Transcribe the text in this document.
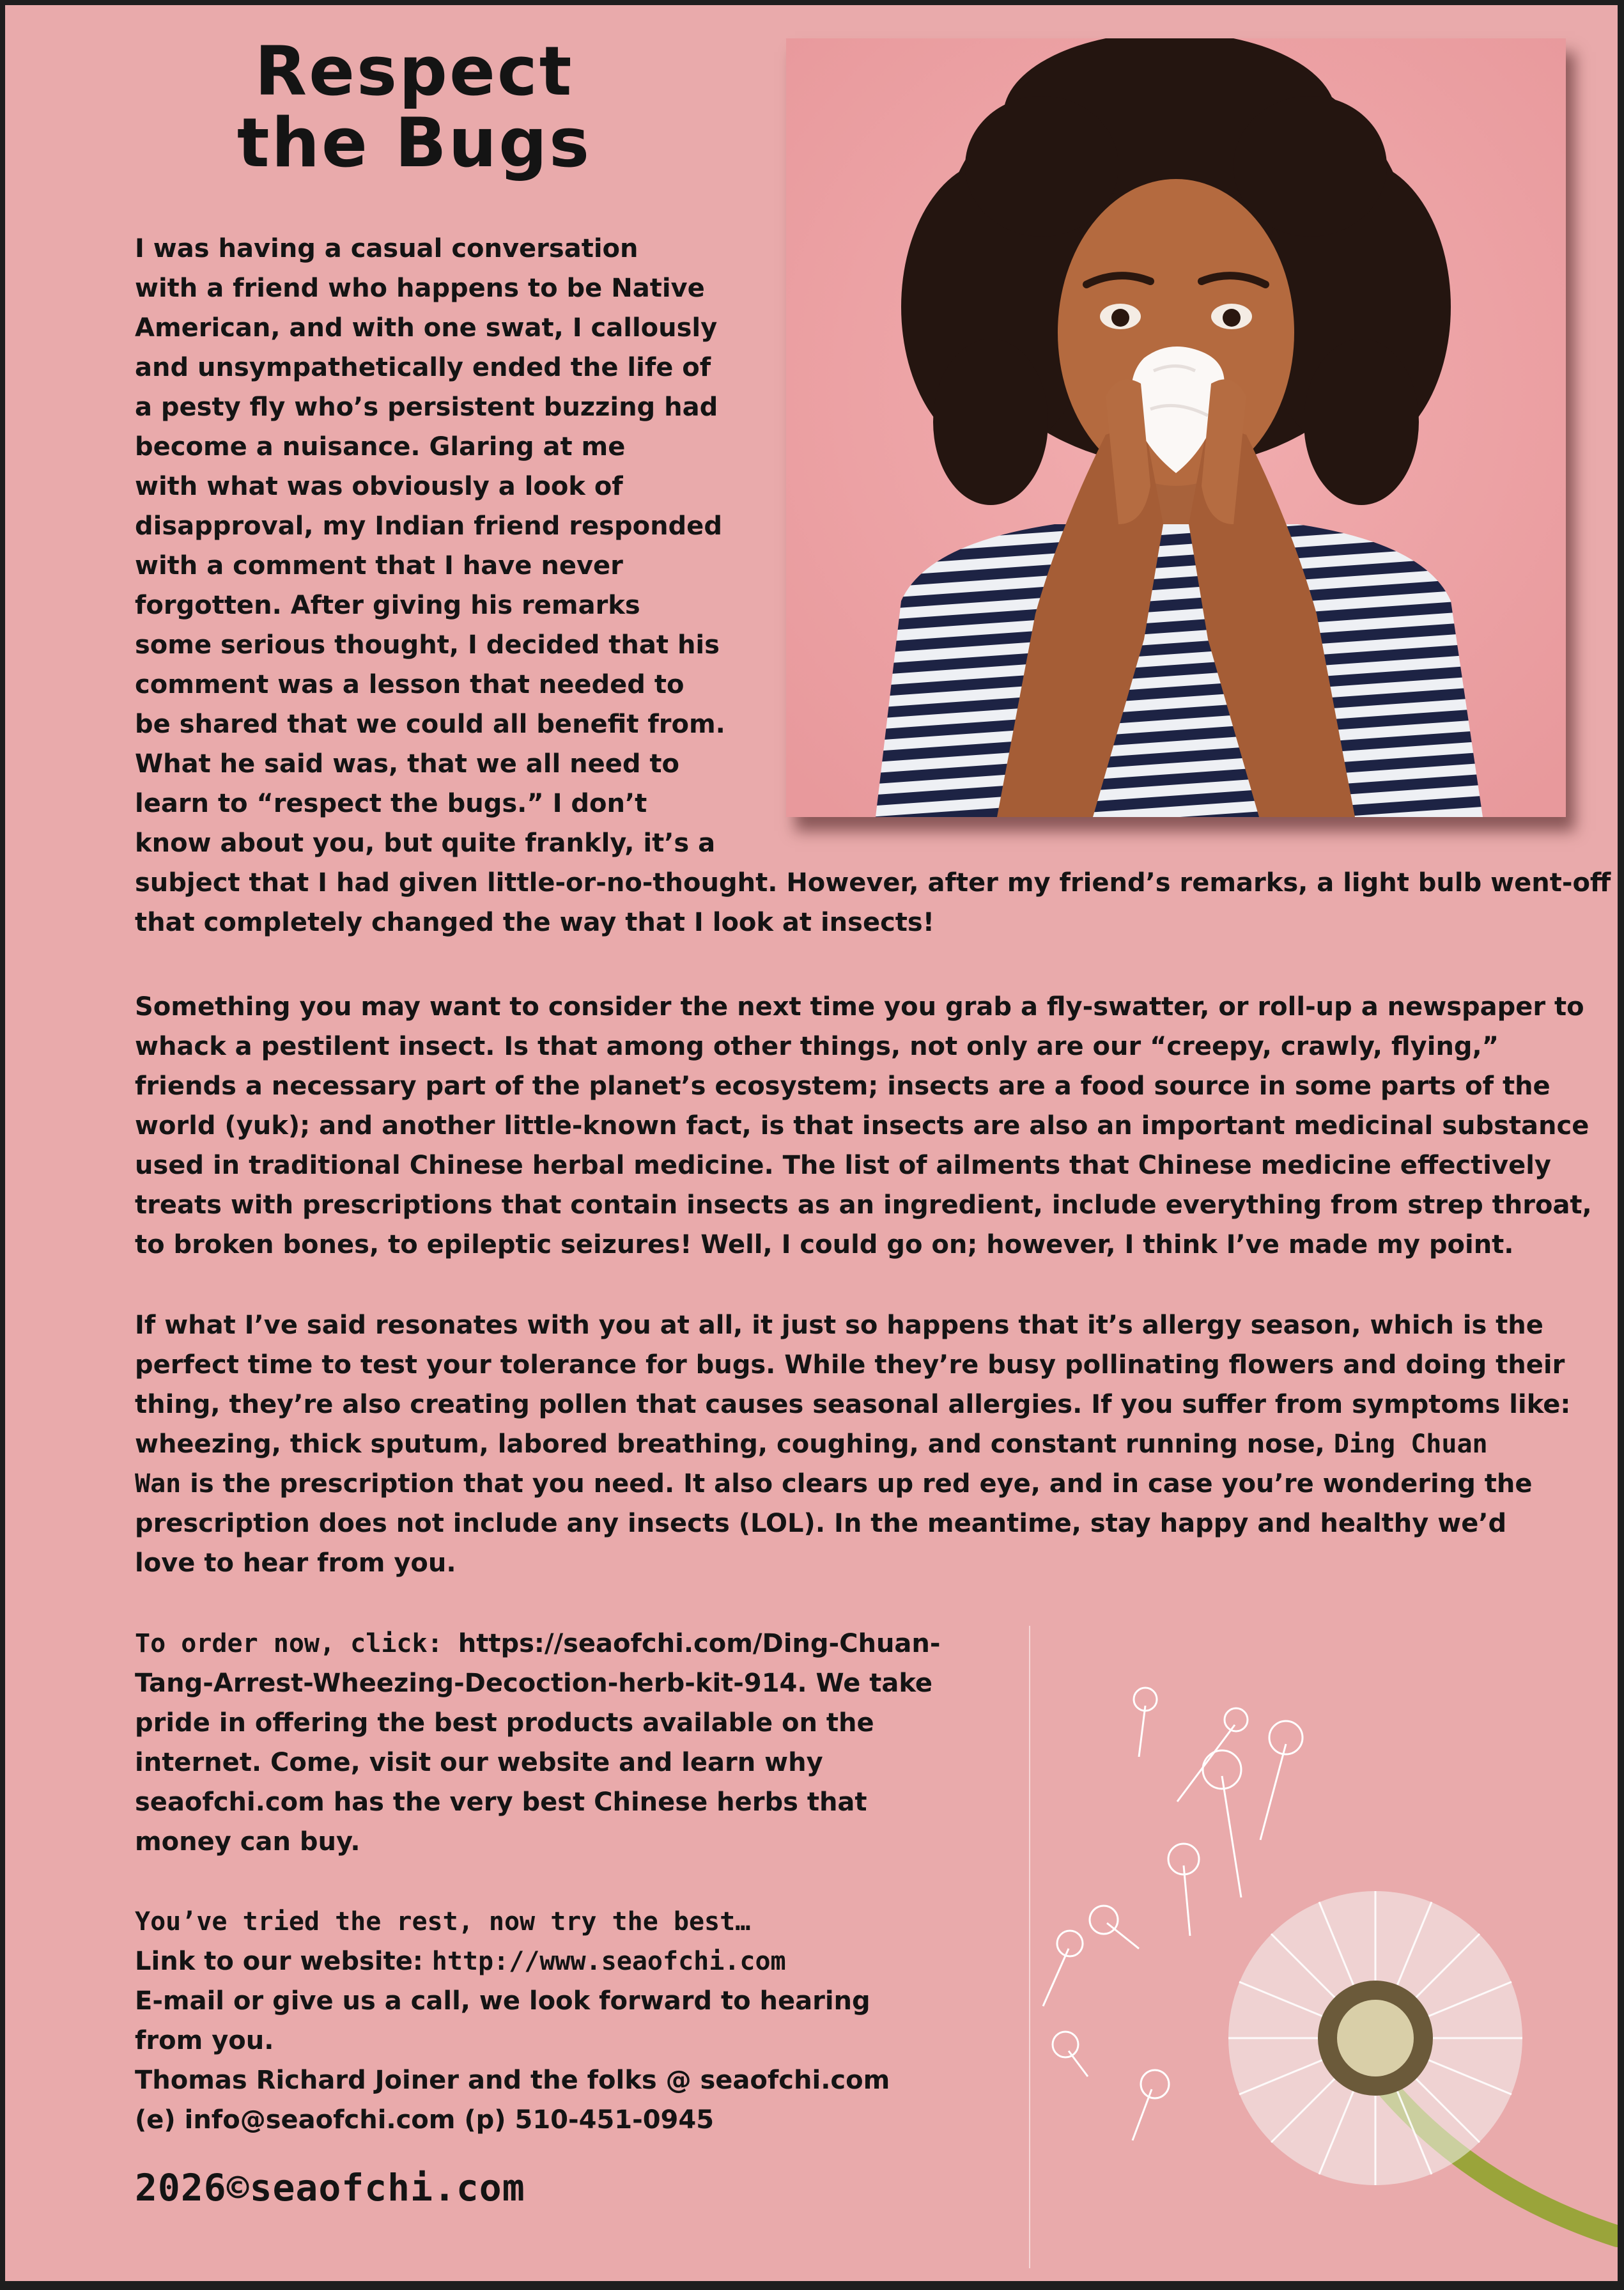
Respect
the Bugs
I was having a casual conversation
with a friend who happens to be Native
American, and with one swat, I callously
and unsympathetically ended the life of
a pesty fly who’s persistent buzzing had
become a nuisance. Glaring at me
with what was obviously a look of
disapproval, my Indian friend responded
with a comment that I have never
forgotten. After giving his remarks
some serious thought, I decided that his
comment was a lesson that needed to
be shared that we could all benefit from.
What he said was, that we all need to
learn to “respect the bugs.” I don’t
know about you, but quite frankly, it’s a
subject that I had given little-or-no-thought. However, after my friend’s remarks, a light bulb went-off
that completely changed the way that I look at insects!
Something you may want to consider the next time you grab a fly-swatter, or roll-up a newspaper to
whack a pestilent insect. Is that among other things, not only are our “creepy, crawly, flying,”
friends a necessary part of the planet’s ecosystem; insects are a food source in some parts of the
world (yuk); and another little-known fact, is that insects are also an important medicinal substance
used in traditional Chinese herbal medicine. The list of ailments that Chinese medicine effectively
treats with prescriptions that contain insects as an ingredient, include everything from strep throat,
to broken bones, to epileptic seizures! Well, I could go on; however, I think I’ve made my point.
If what I’ve said resonates with you at all, it just so happens that it’s allergy season, which is the
perfect time to test your tolerance for bugs. While they’re busy pollinating flowers and doing their
thing, they’re also creating pollen that causes seasonal allergies. If you suffer from symptoms like:
wheezing, thick sputum, labored breathing, coughing, and constant running nose, Ding Chuan
Wan is the prescription that you need. It also clears up red eye, and in case you’re wondering the
prescription does not include any insects (LOL). In the meantime, stay happy and healthy we’d
love to hear from you.
To order now, click: https://seaofchi.com/Ding-Chuan-
Tang-Arrest-Wheezing-Decoction-herb-kit-914. We take
pride in offering the best products available on the
internet. Come, visit our website and learn why
seaofchi.com has the very best Chinese herbs that
money can buy.
You’ve tried the rest, now try the best…
Link to our website: http://www.seaofchi.com
E-mail or give us a call, we look forward to hearing
from you.
Thomas Richard Joiner and the folks @ seaofchi.com
(e) info@seaofchi.com (p) 510-451-0945
2026©seaofchi.com
